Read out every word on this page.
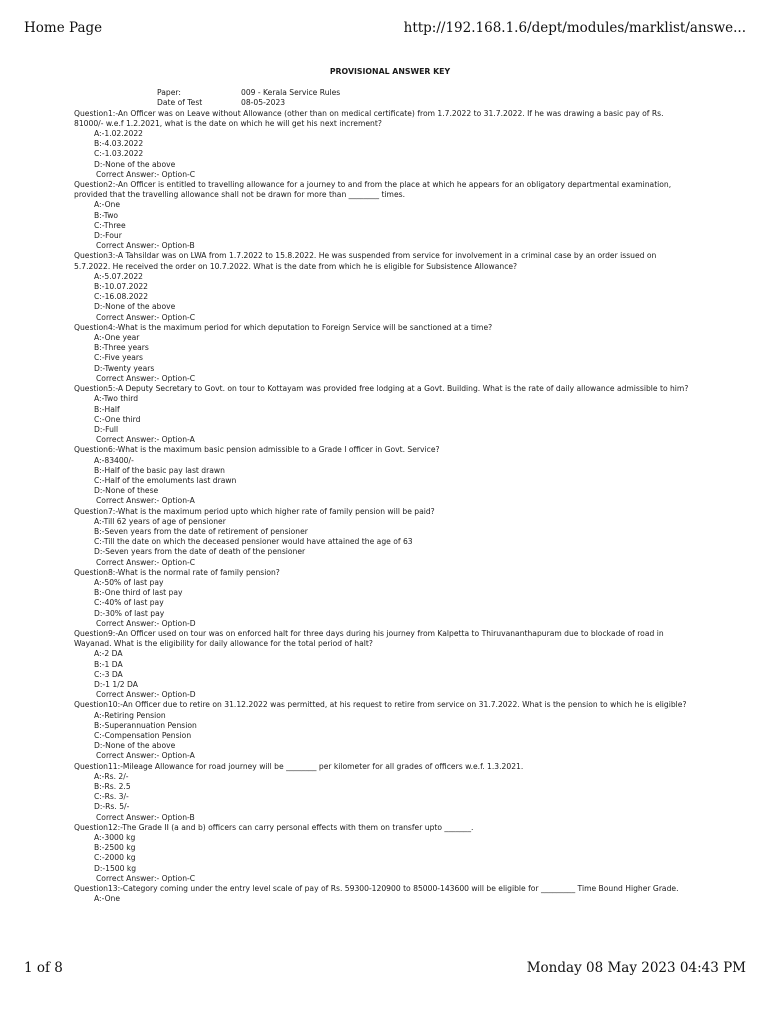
Home Page	http://192.168.1.6/dept/modules/marklist/answe...
PROVISIONAL ANSWER KEY
Paper:	009 - Kerala Service Rules
Date of Test	08-05-2023
Question1:-An Officer was on Leave without Allowance (other than on medical certificate) from 1.7.2022 to 31.7.2022. If he was drawing a basic pay of Rs. 81000/- w.e.f 1.2.2021, what is the date on which he will get his next increment?
A:-1.02.2022
B:-4.03.2022
C:-1.03.2022
D:-None of the above
Correct Answer:- Option-C
Question2:-An Officer is entitled to travelling allowance for a journey to and from the place at which he appears for an obligatory departmental examination, provided that the travelling allowance shall not be drawn for more than ________ times.
A:-One
B:-Two
C:-Three
D:-Four
Correct Answer:- Option-B
Question3:-A Tahsildar was on LWA from 1.7.2022 to 15.8.2022. He was suspended from service for involvement in a criminal case by an order issued on 5.7.2022. He received the order on 10.7.2022. What is the date from which he is eligible for Subsistence Allowance?
A:-5.07.2022
B:-10.07.2022
C:-16.08.2022
D:-None of the above
Correct Answer:- Option-C
Question4:-What is the maximum period for which deputation to Foreign Service will be sanctioned at a time?
A:-One year
B:-Three years
C:-Five years
D:-Twenty years
Correct Answer:- Option-C
Question5:-A Deputy Secretary to Govt. on tour to Kottayam was provided free lodging at a Govt. Building. What is the rate of daily allowance admissible to him?
A:-Two third
B:-Half
C:-One third
D:-Full
Correct Answer:- Option-A
Question6:-What is the maximum basic pension admissible to a Grade I officer in Govt. Service?
A:-83400/-
B:-Half of the basic pay last drawn
C:-Half of the emoluments last drawn
D:-None of these
Correct Answer:- Option-A
Question7:-What is the maximum period upto which higher rate of family pension will be paid?
A:-Till 62 years of age of pensioner
B:-Seven years from the date of retirement of pensioner
C:-Till the date on which the deceased pensioner would have attained the age of 63
D:-Seven years from the date of death of the pensioner
Correct Answer:- Option-C
Question8:-What is the normal rate of family pension?
A:-50% of last pay
B:-One third of last pay
C:-40% of last pay
D:-30% of last pay
Correct Answer:- Option-D
Question9:-An Officer used on tour was on enforced halt for three days during his journey from Kalpetta to Thiruvananthapuram due to blockade of road in Wayanad. What is the eligibility for daily allowance for the total period of halt?
A:-2 DA
B:-1 DA
C:-3 DA
D:-1 1/2 DA
Correct Answer:- Option-D
Question10:-An Officer due to retire on 31.12.2022 was permitted, at his request to retire from service on 31.7.2022. What is the pension to which he is eligible?
A:-Retiring Pension
B:-Superannuation Pension
C:-Compensation Pension
D:-None of the above
Correct Answer:- Option-A
Question11:-Mileage Allowance for road journey will be ________ per kilometer for all grades of officers w.e.f. 1.3.2021.
A:-Rs. 2/-
B:-Rs. 2.5
C:-Rs. 3/-
D:-Rs. 5/-
Correct Answer:- Option-B
Question12:-The Grade II (a and b) officers can carry personal effects with them on transfer upto _______.
A:-3000 kg
B:-2500 kg
C:-2000 kg
D:-1500 kg
Correct Answer:- Option-C
Question13:-Category coming under the entry level scale of pay of Rs. 59300-120900 to 85000-143600 will be eligible for _________ Time Bound Higher Grade.
A:-One
1 of 8	Monday 08 May 2023 04:43 PM
